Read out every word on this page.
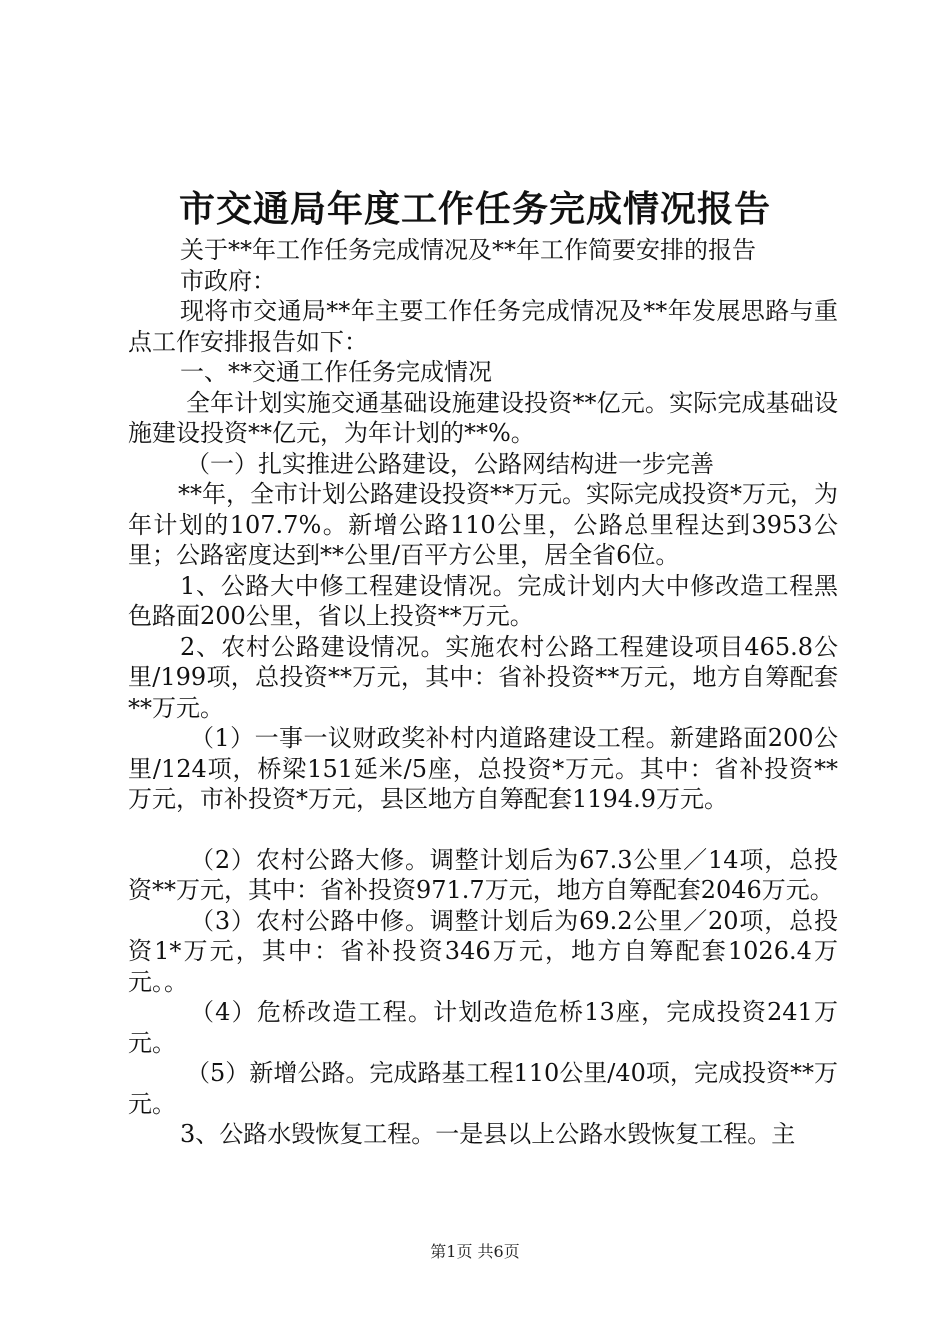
市交通局年度工作任务完成情况报告

关于**年工作任务完成情况及**年工作简要安排的报告

市政府：

现将市交通局**年主要工作任务完成情况及**年发展思路与重点工作安排报告如下：

一、**交通工作任务完成情况

全年计划实施交通基础设施建设投资**亿元。实际完成基础设施建设投资**亿元，为年计划的**%。

（一）扎实推进公路建设，公路网结构进一步完善

**年，全市计划公路建设投资**万元。实际完成投资*万元，为年计划的107.7%。新增公路110公里，公路总里程达到3953公里；公路密度达到**公里/百平方公里，居全省6位。

1、公路大中修工程建设情况。完成计划内大中修改造工程黑色路面200公里，省以上投资**万元。

2、农村公路建设情况。实施农村公路工程建设项目465.8公里/199项，总投资**万元，其中：省补投资**万元，地方自筹配套**万元。

（1）一事一议财政奖补村内道路建设工程。新建路面200公里/124项，桥梁151延米/5座，总投资*万元。其中：省补投资**万元，市补投资*万元，县区地方自筹配套1194.9万元。

（2）农村公路大修。调整计划后为67.3公里／14项，总投资**万元，其中：省补投资971.7万元，地方自筹配套2046万元。

（3）农村公路中修。调整计划后为69.2公里／20项，总投资1*万元，其中：省补投资346万元，地方自筹配套1026.4万元。。

（4）危桥改造工程。计划改造危桥13座，完成投资241万元。

（5）新增公路。完成路基工程110公里/40项，完成投资**万元。

3、公路水毁恢复工程。一是县以上公路水毁恢复工程。主

第1页 共6页
